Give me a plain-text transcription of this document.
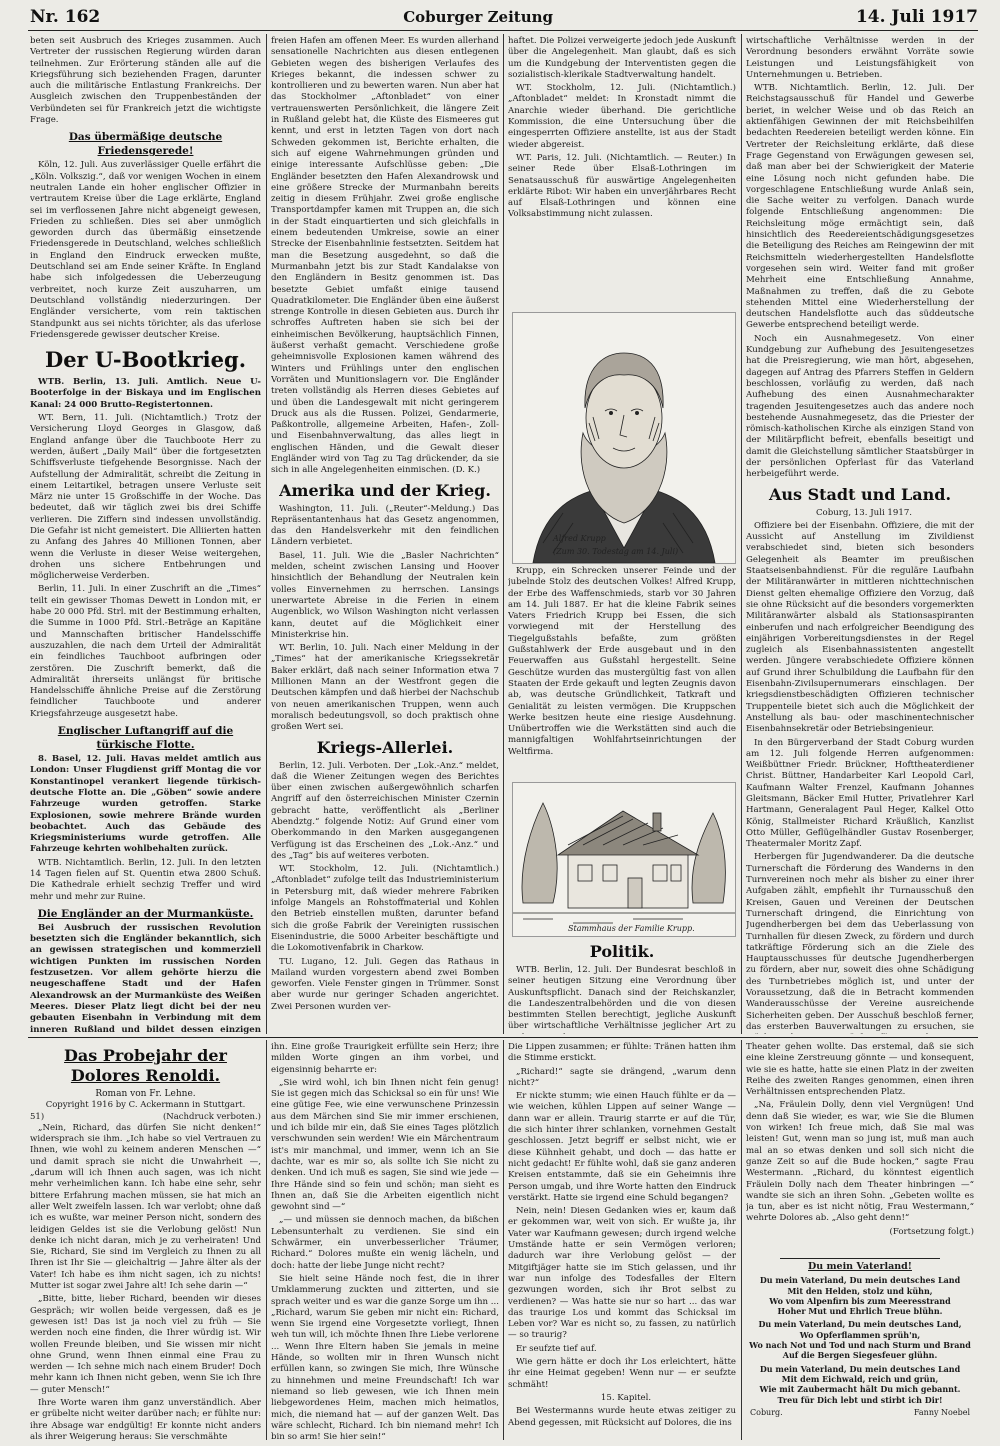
Nr. 162	Coburger Zeitung	14. Juli 1917

beten seit Ausbruch des Krieges zusammen. Auch Vertreter der russischen Regierung würden daran teilnehmen. Zur Erörterung ständen alle auf die Kriegsführung sich beziehenden Fragen, darunter auch die militärische Entlastung Frankreichs. Der Ausgleich zwischen den Truppenbeständen der Verbündeten sei für Frankreich jetzt die wichtigste Frage.

Das übermäßige deutsche Friedensgerede!

Köln, 12. Juli. Aus zuverlässiger Quelle erfährt die „Köln. Volkszig.“, daß vor wenigen Wochen in einem neutralen Lande ein hoher englischer Offizier in vertrautem Kreise über die Lage erklärte, England sei im verflossenen Jahre nicht abgeneigt gewesen, Frieden zu schließen. Dies sei aber unmöglich geworden durch das übermäßig einsetzende Friedensgerede in Deutschland, welches schließlich in England den Eindruck erwecken mußte, Deutschland sei am Ende seiner Kräfte. In England habe sich infolgedessen die Ueberzeugung verbreitet, noch kurze Zeit auszuharren, um Deutschland vollständig niederzuringen. Der Engländer versicherte, vom rein taktischen Standpunkt aus sei nichts törichter, als das uferlose Friedensgerede gewisser deutscher Kreise.

Der U-Bootkrieg.

WTB. Berlin, 13. Juli. Amtlich. Neue U-Booterfolge in der Biskaya und im Englischen Kanal: 24 000 Brutto-Registertonnen.

WT. Bern, 11. Juli. (Nichtamtlich.) Trotz der Versicherung Lloyd Georges in Glasgow, daß England anfange über die Tauchboote Herr zu werden, äußert „Daily Mail“ über die fortgesetzten Schiffsverluste tiefgehende Besorgnisse. Nach der Aufstellung der Admiralität, schreibt die Zeitung in einem Leitartikel, betragen unsere Verluste seit März nie unter 15 Großschiffe in der Woche. Das bedeutet, daß wir täglich zwei bis drei Schiffe verlieren. Die Ziffern sind indessen unvollständig. Die Gefahr ist nicht gemeistert. Die Alliierten hatten zu Anfang des Jahres 40 Millionen Tonnen, aber wenn die Verluste in dieser Weise weitergehen, drohen uns sichere Entbehrungen und möglicherweise Verderben.

Berlin, 11. Juli. In einer Zuschrift an die „Times“ teilt ein gewisser Thomas Dewett in London mit, er habe 20 000 Pfd. Strl. mit der Bestimmung erhalten, die Summe in 1000 Pfd. Strl.-Beträge an Kapitäne und Mannschaften britischer Handelsschiffe auszuzahlen, die nach dem Urteil der Admiralität ein feindliches Tauchboot aufbringen oder zerstören. Die Zuschrift bemerkt, daß die Admiralität ihrerseits unlängst für britische Handelsschiffe ähnliche Preise auf die Zerstörung feindlicher Tauchboote und anderer Kriegsfahrzeuge ausgesetzt habe.

Englischer Luftangriff auf die türkische Flotte.

8. Basel, 12. Juli. Havas meldet amtlich aus London: Unser Flugdienst griff Montag die vor Konstantinopel verankert liegende türkisch-deutsche Flotte an. Die „Göben“ sowie andere Fahrzeuge wurden getroffen. Starke Explosionen, sowie mehrere Brände wurden beobachtet. Auch das Gebäude des Kriegsministeriums wurde getroffen. Alle Fahrzeuge kehrten wohlbehalten zurück.

WTB. Nichtamtlich. Berlin, 12. Juli. In den letzten 14 Tagen fielen auf St. Quentin etwa 2800 Schuß. Die Kathedrale erhielt sechzig Treffer und wird mehr und mehr zur Ruine.

Die Engländer an der Murmanküste.

Bei Ausbruch der russischen Revolution besetzten sich die Engländer bekanntlich, sich an gewissen strategischen und kommerziell wichtigen Punkten im russischen Norden festzusetzen. Vor allem gehörte hierzu die neugeschaffene Stadt und der Hafen Alexandrowsk an der Murmanküste des Weißen Meeres. Dieser Platz liegt dicht bei der neu gebauten Eisenbahn in Verbindung mit dem inneren Rußland und bildet dessen einzigen

freien Hafen am offenen Meer. Es wurden allerhand sensationelle Nachrichten aus diesen entlegenen Gebieten wegen des bisherigen Verlaufes des Krieges bekannt, die indessen schwer zu kontrollieren und zu bewerten waren. Nun aber hat das Stockholmer „Aftonbladet“ von einer vertrauenswerten Persönlichkeit, die längere Zeit in Rußland gelebt hat, die Küste des Eismeeres gut kennt, und erst in letzten Tagen von dort nach Schweden gekommen ist, Berichte erhalten, die sich auf eigene Wahrnehmungen gründen und einige interessante Aufschlüsse geben: „Die Engländer besetzten den Hafen Alexandrowsk und eine größere Strecke der Murmanbahn bereits zeitig in diesem Frühjahr. Zwei große englische Transportdampfer kamen mit Truppen an, die sich in der Stadt einquartierten und sich gleichfalls in einem bedeutenden Umkreise, sowie an einer Strecke der Eisenbahnlinie festsetzten. Seitdem hat man die Besetzung ausgedehnt, so daß die Murmanbahn jetzt bis zur Stadt Kandalakse von den Engländern in Besitz genommen ist. Das besetzte Gebiet umfaßt einige tausend Quadratkilometer. Die Engländer üben eine äußerst strenge Kontrolle in diesen Gebieten aus. Durch ihr schroffes Auftreten haben sie sich bei der einheimischen Bevölkerung, hauptsächlich Finnen, äußerst verhaßt gemacht. Verschiedene große geheimnisvolle Explosionen kamen während des Winters und Frühlings unter den englischen Vorräten und Munitionslagern vor. Die Engländer treten vollständig als Herren dieses Gebietes auf und üben die Landesgewalt mit nicht geringerem Druck aus als die Russen. Polizei, Gendarmerie, Paßkontrolle, allgemeine Arbeiten, Hafen-, Zoll- und Eisenbahnverwaltung, das alles liegt in englischen Händen, und die Gewalt dieser Engländer wird von Tag zu Tag drückender, da sie sich in alle Angelegenheiten einmischen. (D. K.)

Amerika und der Krieg.

Washington, 11. Juli. („Reuter“-Meldung.) Das Repräsentantenhaus hat das Gesetz angenommen, das den Handelsverkehr mit den feindlichen Ländern verbietet.

Basel, 11. Juli. Wie die „Basler Nachrichten“ melden, scheint zwischen Lansing und Hoover hinsichtlich der Behandlung der Neutralen kein volles Einvernehmen zu herrschen. Lansings unerwartete Abreise in die Ferien in einem Augenblick, wo Wilson Washington nicht verlassen kann, deutet auf die Möglichkeit einer Ministerkrise hin.

WT. Berlin, 10. Juli. Nach einer Meldung in der „Times“ hat der amerikanische Kriegssekretär Baker erklärt, daß nach seiner Information etwa 7 Millionen Mann an der Westfront gegen die Deutschen kämpfen und daß hierbei der Nachschub von neuen amerikanischen Truppen, wenn auch moralisch bedeutungsvoll, so doch praktisch ohne großen Wert sei.

Kriegs-Allerlei.

Berlin, 12. Juli. Verboten. Der „Lok.-Anz.“ meldet, daß die Wiener Zeitungen wegen des Berichtes über einen zwischen außergewöhnlich scharfen Angriff auf den österreichischen Minister Czernin gebracht hatte, veröffentlicht als „Berliner Abendztg.“ folgende Notiz: Auf Grund einer vom Oberkommando in den Marken ausgegangenen Verfügung ist das Erscheinen des „Lok.-Anz.“ und des „Tag“ bis auf weiteres verboten.

WT. Stockholm, 12. Juli. (Nichtamtlich.) „Aftonbladet“ zufolge teilt das Industrieministerium in Petersburg mit, daß wieder mehrere Fabriken infolge Mangels an Rohstoffmaterial und Kohlen den Betrieb einstellen mußten, darunter befand sich die große Fabrik der Vereinigten russischen Eisenindustrie, die 5000 Arbeiter beschäftigte und die Lokomotivenfabrik in Charkow.

TU. Lugano, 12. Juli. Gegen das Rathaus in Mailand wurden vorgestern abend zwei Bomben geworfen. Viele Fenster gingen in Trümmer. Sonst aber wurde nur geringer Schaden angerichtet. Zwei Personen wurden ver-

haftet. Die Polizei verweigerte jedoch jede Auskunft über die Angelegenheit. Man glaubt, daß es sich um die Kundgebung der Interventisten gegen die sozialistisch-klerikale Stadtverwaltung handelt.

WT. Stockholm, 12. Juli. (Nichtamtlich.) „Aftonbladet“ meldet: In Kronstadt nimmt die Anarchie wieder überhand. Die gerichtliche Kommission, die eine Untersuchung über die eingesperrten Offiziere anstellte, ist aus der Stadt wieder abgereist.

WT. Paris, 12. Juli. (Nichtamtlich. — Reuter.) In seiner Rede über Elsaß-Lothringen im Senatsausschuß für auswärtige Angelegenheiten erklärte Ribot: Wir haben ein unverjährbares Recht auf Elsaß-Lothringen und können eine Volksabstimmung nicht zulassen.

Alfred Krupp
(Zum 30. Todestag am 14. Juli)

Krupp, ein Schrecken unserer Feinde und der jubelnde Stolz des deutschen Volkes! Alfred Krupp, der Erbe des Waffenschmieds, starb vor 30 Jahren am 14. Juli 1887. Er hat die kleine Fabrik seines Vaters Friedrich Krupp bei Essen, die sich vorwiegend mit der Herstellung des Tiegelgußstahls befaßte, zum größten Gußstahlwerk der Erde ausgebaut und in den Feuerwaffen aus Gußstahl hergestellt. Seine Geschütze wurden das mustergültig fast von allen Staaten der Erde gekauft und legten Zeugnis davon ab, was deutsche Gründlichkeit, Tatkraft und Genialität zu leisten vermögen. Die Kruppschen Werke besitzen heute eine riesige Ausdehnung. Unübertroffen wie die Werkstätten sind auch die mannigfaltigen Wohlfahrtseinrichtungen der Weltfirma.

Stammhaus der Familie Krupp.
Politik.

WTB. Berlin, 12. Juli. Der Bundesrat beschloß in seiner heutigen Sitzung eine Verordnung über Auskunftspflicht. Danach sind der Reichskanzler, die Landeszentralbehörden und die von diesen bestimmten Stellen berechtigt, jegliche Auskunft über wirtschaftliche Verhältnisse jeglicher Art zu

wirtschaftliche Verhältnisse werden in der Verordnung besonders erwähnt Vorräte sowie Leistungen und Leistungsfähigkeit von Unternehmungen u. Betrieben.

WTB. Nichtamtlich. Berlin, 12. Juli. Der Reichstagsausschuß für Handel und Gewerbe beriet, in welcher Weise und ob das Reich an aktienfähigen Gewinnen der mit Reichsbeihilfen bedachten Reedereien beteiligt werden könne. Ein Vertreter der Reichsleitung erklärte, daß diese Frage Gegenstand von Erwägungen gewesen sei, daß man aber bei der Schwierigkeit der Materie eine Lösung noch nicht gefunden habe. Die vorgeschlagene Entschließung wurde Anlaß sein, die Sache weiter zu verfolgen. Danach wurde folgende Entschließung angenommen: Die Reichsleitung möge ermächtigt sein, daß hinsichtlich des Reedereientschädigungsgesetzes die Beteiligung des Reiches am Reingewinn der mit Reichsmitteln wiederhergestellten Handelsflotte vorgesehen sein wird. Weiter fand mit großer Mehrheit eine Entschließung Annahme, Maßnahmen zu treffen, daß die zu Gebote stehenden Mittel eine Wiederherstellung der deutschen Handelsflotte auch das süddeutsche Gewerbe entsprechend beteiligt werde.

Noch ein Ausnahmegesetz. Von einer Kundgebung zur Aufhebung des Jesuitengesetzes hat die Preisregierung, wie man hört, abgesehen, dagegen auf Antrag des Pfarrers Steffen in Geldern beschlossen, vorläufig zu werden, daß nach Aufhebung des einen Ausnahmecharakter tragenden Jesuitengesetzes auch das andere noch bestehende Ausnahmegesetz, das die Priester der römisch-katholischen Kirche als einzigen Stand von der Militärpflicht befreit, ebenfalls beseitigt und damit die Gleichstellung sämtlicher Staatsbürger in der persönlichen Opferlast für das Vaterland herbeigeführt werde.

Aus Stadt und Land.

Coburg, 13. Juli 1917.

Offiziere bei der Eisenbahn. Offiziere, die mit der Aussicht auf Anstellung im Zivildienst verabschiedet sind, bieten sich besonders Gelegenheit als Beamter im preußischen Staatseisenbahndienst. Für die reguläre Laufbahn der Militäranwärter in mittleren nichttechnischen Dienst gelten ehemalige Offiziere den Vorzug, daß sie ohne Rücksicht auf die besonders vorgemerkten Militäranwärter alsbald als Stationsaspiranten einberufen und nach erfolgreicher Beendigung des einjährigen Vorbereitungsdienstes in der Regel zugleich als Eisenbahnassistenten angestellt werden. Jüngere verabschiedete Offiziere können auf Grund ihrer Schulbildung die Laufbahn für den Eisenbahn-Zivilsupernumerars einschlagen. Der kriegsdienstbeschädigten Offizieren technischer Truppenteile bietet sich auch die Möglichkeit der Anstellung als bau- oder maschinentechnischer Eisenbahnsekretär oder Betriebsingenieur.

In den Bürgerverband der Stadt Coburg wurden am 12. Juli folgende Herren aufgenommen: Weißbüttner Friedr. Brückner, Hofttheaterdiener Christ. Büttner, Handarbeiter Karl Leopold Carl, Kaufmann Walter Frenzel, Kaufmann Johannes Gleitsmann, Bäcker Emil Hutter, Privatlehrer Karl Hartmann, Generalagent Paul Heger, Kalkel Otto König, Stallmeister Richard Kräußlich, Kanzlist Otto Müller, Geflügelhändler Gustav Rosenberger, Theatermaler Moritz Zapf.

Herbergen für Jugendwanderer. Da die deutsche Turnerschaft die Förderung des Wanderns in den Turnvereinen noch mehr als bisher zu einer ihrer Aufgaben zählt, empfiehlt ihr Turnausschuß den Kreisen, Gauen und Vereinen der Deutschen Turnerschaft dringend, die Einrichtung von Jugendherbergen bei dem das Ueberlassung von Turnhallen für diesen Zweck, zu fördern und durch tatkräftige Förderung sich an die Ziele des Hauptausschusses für deutsche Jugendherbergen zu fördern, aber nur, soweit dies ohne Schädigung des Turnbetriebes möglich ist, und unter der Voraussetzung, daß die in Betracht kommenden Wanderausschüsse der Vereine ausreichende Sicherheiten geben. Der Ausschuß beschloß ferner, das ersterben Bauverwaltungen zu ersuchen, sie

Das Probejahr der Dolores Renoldi.
Roman von Fr. Lehne.
Copyright 1916 by C. Ackermann in Stuttgart.
51)	(Nachdruck verboten.)

„Nein, Richard, das dürfen Sie nicht denken!“ widersprach sie ihm. „Ich habe so viel Vertrauen zu Ihnen, wie wohl zu keinem anderen Menschen —“ und damit sprach sie nicht die Unwahrheit —, „darum will ich Ihnen auch sagen, was ich nicht mehr verheimlichen kann. Ich habe eine sehr, sehr bittere Erfahrung machen müssen, sie hat mich an aller Welt zweifeln lassen. Ich war verlobt; ohne daß ich es wußte, war meiner Person nicht, sondern des leidigen Geldes ist sie die Verlobung gelöst! Nun denke ich nicht daran, mich je zu verheiraten! Und Sie, Richard, Sie sind im Vergleich zu Ihnen zu all Ihren ist Ihr Sie — gleichaltrig — Jahre älter als der Vater! Ich habe es ihm nicht sagen, ich zu nichts! Mutter ist sogar zwei Jahre alt! Ich sehe darin —“

„Bitte, bitte, lieber Richard, beenden wir dieses Gespräch; wir wollen beide vergessen, daß es je gewesen ist! Das ist ja noch viel zu früh — Sie werden noch eine finden, die Ihrer würdig ist. Wir wollen Freunde bleiben, und Sie wissen mir nicht ohne Grund, wenn Ihnen einmal eine Frau zu werden — Ich sehne mich nach einem Bruder! Doch mehr kann ich Ihnen nicht geben, wenn Sie ich Ihre — guter Mensch!“

Ihre Worte waren ihm ganz unverständlich. Aber er grübelte nicht weiter darüber nach; er fühlte nur: ihre Absage war endgültig! Er konnte nicht anders als ihrer Weigerung heraus: Sie verschmähte

ihn. Eine große Traurigkeit erfüllte sein Herz; ihre milden Worte gingen an ihm vorbei, und eigensinnig beharrte er:

„Sie wird wohl, ich bin Ihnen nicht fein genug! Sie ist gegen mich das Schicksal so ein für uns! Wie eine gütige Fee, wie eine verwunschene Prinzessin aus dem Märchen sind Sie mir immer erschienen, und ich bilde mir ein, daß Sie eines Tages plötzlich verschwunden sein werden! Wie ein Märchentraum ist's mir manchmal, und immer, wenn ich an Sie dachte, war es mir so, als sollte ich Sie nicht zu denken. Und ich muß es sagen, Sie sind wie jede — Ihre Hände sind so fein und schön; man sieht es Ihnen an, daß Sie die Arbeiten eigentlich nicht gewohnt sind —“

„— und müssen sie dennoch machen, da bißchen Lebensunterhalt zu verdienen. Sie sind ein Schwärmer, ein unverbesserlicher Träumer, Richard.“ Dolores mußte ein wenig lächeln, und doch: hatte der liebe Junge nicht recht?

Sie hielt seine Hände noch fest, die in ihrer Umklammerung zuckten und zitterten, und sie sprach weiter und es war die ganze Sorge um ihn ... „Richard, warum Sie geben mir nicht ein: Richard, wenn Sie irgend eine Vorgesetzte vorliegt, Ihnen weh tun will, ich möchte Ihnen Ihre Liebe verlorene ... Wenn Ihre Eltern haben Sie jemals in meine Hände, so wollten mir in Ihren Wunsch nicht erfüllen kann, so zwingen Sie mich, Ihre Wünsche zu hinnehmen und meine Freundschaft! Ich war niemand so lieb gewesen, wie ich Ihnen mein liebgewordenes Heim, machen mich heimatlos, mich, die niemand hat — auf der ganzen Welt. Das wäre schlecht, Richard. Ich bin niemand mehr! Ich bin so arm! Sie hier sein!“

Die Lippen zusammen; er fühlte: Tränen hatten ihm die Stimme erstickt.

„Richard!“ sagte sie drängend, „warum denn nicht?“

Er nickte stumm; wie einen Hauch fühlte er da — wie weichen, kühlen Lippen auf seiner Wange — dann war er allein. Traurig starrte er auf die Tür, die sich hinter ihrer schlanken, vornehmen Gestalt geschlossen. Jetzt begriff er selbst nicht, wie er diese Kühnheit gehabt, und doch — das hatte er nicht gedacht! Er fühlte wohl, daß sie ganz anderen Kreisen entstammte, daß sie ein Geheimnis ihre Person umgab, und ihre Worte hatten den Eindruck verstärkt. Hatte sie irgend eine Schuld begangen?

Nein, nein! Diesen Gedanken wies er, kaum daß er gekommen war, weit von sich. Er wußte ja, ihr Vater war Kaufmann gewesen; durch irgend welche Umstände hatte er sein Vermögen verloren; dadurch war ihre Verlobung gelöst — der Mitgiftjäger hatte sie im Stich gelassen, und ihr war nun infolge des Todesfalles der Eltern gezwungen worden, sich ihr Brot selbst zu verdienen? — Was hatte sie nur so hart ... das war das traurige Los und kommt das Schicksal im Leben vor? War es nicht so, zu fassen, zu natürlich — so traurig?

Er seufzte tief auf.

Wie gern hätte er doch ihr Los erleichtert, hätte ihr eine Heimat gegeben! Wenn nur — er seufzte schmäht!

15. Kapitel.

Bei Westermanns wurde heute etwas zeitiger zu Abend gegessen, mit Rücksicht auf Dolores, die ins

Theater gehen wollte. Das erstemal, daß sie sich eine kleine Zerstreuung gönnte — und konsequent, wie sie es hatte, hatte sie einen Platz in der zweiten Reihe des zweiten Ranges genommen, einen ihren Verhältnissen entsprechenden Platz.

„Na, Fräulein Dolly, denn viel Vergnügen! Und denn daß Sie wieder, es war, wie Sie die Blumen von wirken! Ich freue mich, daß Sie mal was leisten! Gut, wenn man so jung ist, muß man auch mal an so etwas denken und soll sich nicht die ganze Zeit so auf die Bude hocken,“ sagte Frau Westermann. „Richard, du könntest eigentlich Fräulein Dolly nach dem Theater hinbringen —“ wandte sie sich an ihren Sohn. „Gebeten wollte es ja tun, aber es ist nicht nötig, Frau Westermann,“ wehrte Dolores ab. „Also geht denn!“

(Fortsetzung folgt.)

Du mein Vaterland!
Du mein Vaterland, Du mein deutsches Land
Mit den Helden, stolz und kühn,
Wo vom Alpenfirn bis zum Meeresstrand
Hoher Mut und Ehrlich Treue blühn.
Du mein Vaterland, Du mein deutsches Land,
Wo Opferflammen sprüh'n,
Wo nach Not und Tod und nach Sturm und Brand
Auf die Bergen Siegesfeuer glühn.
Du mein Vaterland, Du mein deutsches Land
Mit dem Eichwald, reich und grün,
Wie mit Zaubermacht hält Du mich gebannt.
Treu für Dich lebt und stirbt ich Dir!
Coburg.	Fanny Noebel
